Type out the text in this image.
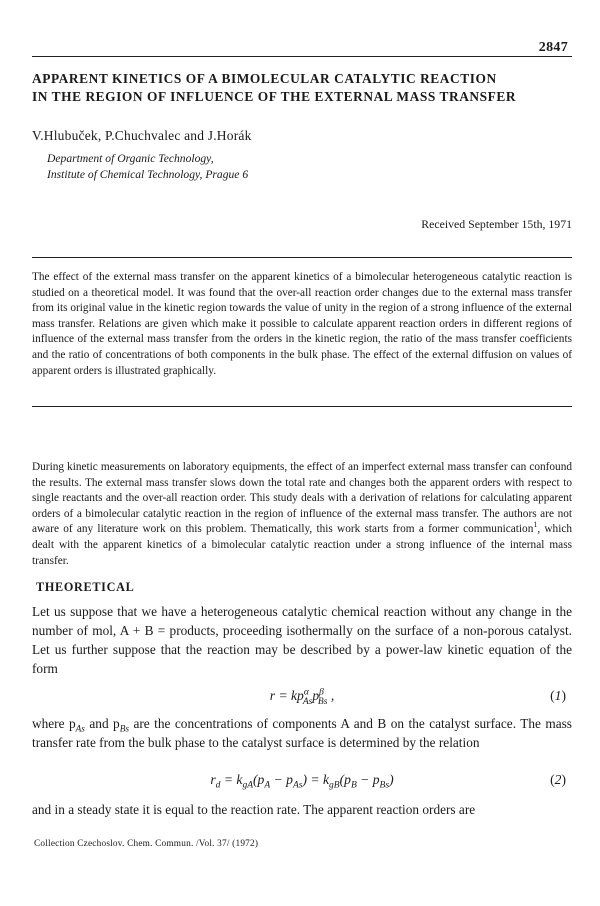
2847
APPARENT KINETICS OF A BIMOLECULAR CATALYTIC REACTION
IN THE REGION OF INFLUENCE OF THE EXTERNAL MASS TRANSFER
V.Hlubuček, P.Chuchvalec and J.Horák
Department of Organic Technology,
Institute of Chemical Technology, Prague 6
Received September 15th, 1971
The effect of the external mass transfer on the apparent kinetics of a bimolecular heterogeneous catalytic reaction is studied on a theoretical model. It was found that the over-all reaction order changes due to the external mass transfer from its original value in the kinetic region towards the value of unity in the region of a strong influence of the external mass transfer. Relations are given which make it possible to calculate apparent reaction orders in different regions of influence of the external mass transfer from the orders in the kinetic region, the ratio of the mass transfer coefficients and the ratio of concentrations of both components in the bulk phase. The effect of the external diffusion on values of apparent orders is illustrated graphically.
During kinetic measurements on laboratory equipments, the effect of an imperfect external mass transfer can confound the results. The external mass transfer slows down the total rate and changes both the apparent orders with respect to single reactants and the over-all reaction order. This study deals with a derivation of relations for calculating apparent orders of a bimolecular catalytic reaction in the region of influence of the external mass transfer. The authors are not aware of any literature work on this problem. Thematically, this work starts from a former communication$^1$, which dealt with the apparent kinetics of a bimolecular catalytic reaction under a strong influence of the internal mass transfer.
THEORETICAL
Let us suppose that we have a heterogeneous catalytic chemical reaction without any change in the number of mol, A + B = products, proceeding isothermally on the surface of a non-porous catalyst. Let us further suppose that the reaction may be described by a power-law kinetic equation of the form
$r = kp^\alpha_{As}p^\beta_{Bs}$ ,	(1)
where $p_{As}$ and $p_{Bs}$ are the concentrations of components A and B on the catalyst surface. The mass transfer rate from the bulk phase to the catalyst surface is determined by the relation
$r_d = k_{gA}(p_A - p_{As}) = k_{gB}(p_B - p_{Bs})$	(2)
and in a steady state it is equal to the reaction rate. The apparent reaction orders are
Collection Czechoslov. Chem. Commun. /Vol. 37/ (1972)
